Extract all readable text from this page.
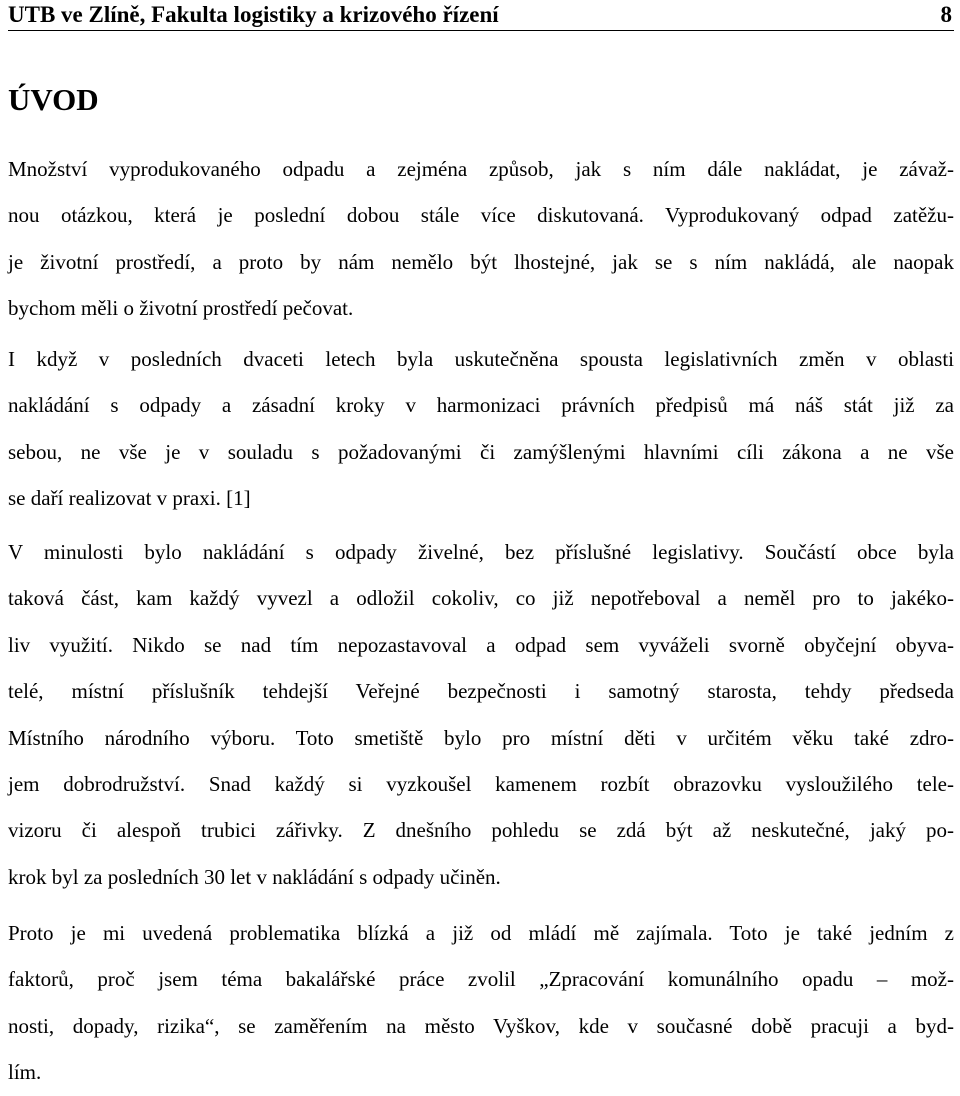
UTB ve Zlíně, Fakulta logistiky a krizového řízení	8
ÚVOD
Množství vyprodukovaného odpadu a zejména způsob, jak s ním dále nakládat, je závaž-
nou otázkou, která je poslední dobou stále více diskutovaná. Vyprodukovaný odpad zatěžu-
je životní prostředí, a proto by nám nemělo být lhostejné, jak se s ním nakládá, ale naopak
bychom měli o životní prostředí pečovat.
I když v posledních dvaceti letech byla uskutečněna spousta legislativních změn v oblasti
nakládání s odpady a zásadní kroky v harmonizaci právních předpisů má náš stát již za
sebou, ne vše je v souladu s požadovanými či zamýšlenými hlavními cíli zákona a ne vše
se daří realizovat v praxi. [1]
V minulosti bylo nakládání s odpady živelné, bez příslušné legislativy. Součástí obce byla
taková část, kam každý vyvezl a odložil cokoliv, co již nepotřeboval a neměl pro to jakéko-
liv využití. Nikdo se nad tím nepozastavoval a odpad sem vyváželi svorně obyčejní obyva-
telé, místní příslušník tehdejší Veřejné bezpečnosti i samotný starosta, tehdy předseda
Místního národního výboru. Toto smetiště bylo pro místní děti v určitém věku také zdro-
jem dobrodružství. Snad každý si vyzkoušel kamenem rozbít obrazovku vysloužilého tele-
vizoru či alespoň trubici zářivky. Z dnešního pohledu se zdá být až neskutečné, jaký po-
krok byl za posledních 30 let v nakládání s odpady učiněn.
Proto je mi uvedená problematika blízká a již od mládí mě zajímala. Toto je také jedním z
faktorů, proč jsem téma bakalářské práce zvolil „Zpracování komunálního opadu – mož-
nosti, dopady, rizika“, se zaměřením na město Vyškov, kde v současné době pracuji a byd-
lím.
